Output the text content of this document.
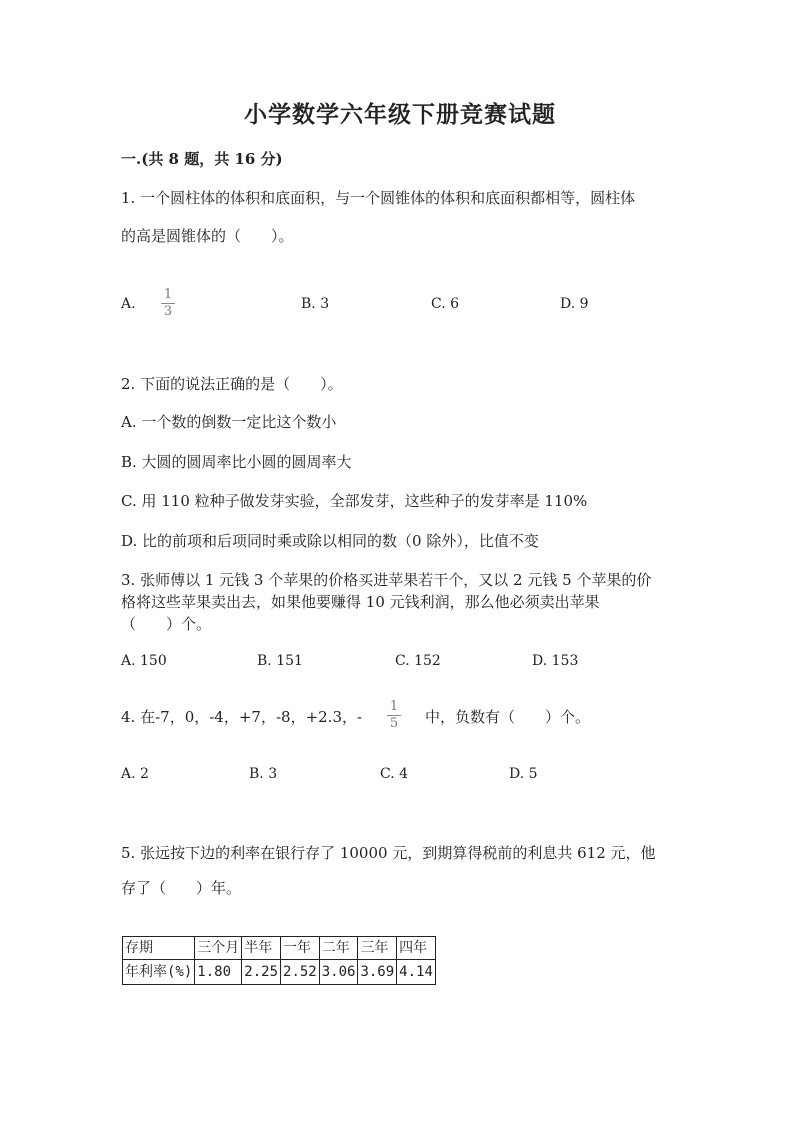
小学数学六年级下册竞赛试题
一.(共 8 题，共 16 分)
1. 一个圆柱体的体积和底面积，与一个圆锥体的体积和底面积都相等，圆柱体
的高是圆锥体的（　　）。
A.
1
3	B. 3	C. 6	D. 9
2. 下面的说法正确的是（　　）。
A. 一个数的倒数一定比这个数小
B. 大圆的圆周率比小圆的圆周率大
C. 用 110 粒种子做发芽实验，全部发芽，这些种子的发芽率是 110%
D. 比的前项和后项同时乘或除以相同的数（0 除外），比值不变
3. 张师傅以 1 元钱 3 个苹果的价格买进苹果若干个，又以 2 元钱 5 个苹果的价
格将这些苹果卖出去，如果他要赚得 10 元钱利润，那么他必须卖出苹果
（　　）个。
A. 150	B. 151	C. 152	D. 153
4. 在-7，0，-4，+7，-8，+2.3，-
1
5 中，负数有（　　）个。
A. 2	B. 3	C. 4	D. 5
5. 张远按下边的利率在银行存了 10000 元，到期算得税前的利息共 612 元，他
存了（　　）年。
存期	三个月	半年	一年	二年	三年	四年
年利率(%)	1.80	2.25	2.52	3.06	3.69	4.14
